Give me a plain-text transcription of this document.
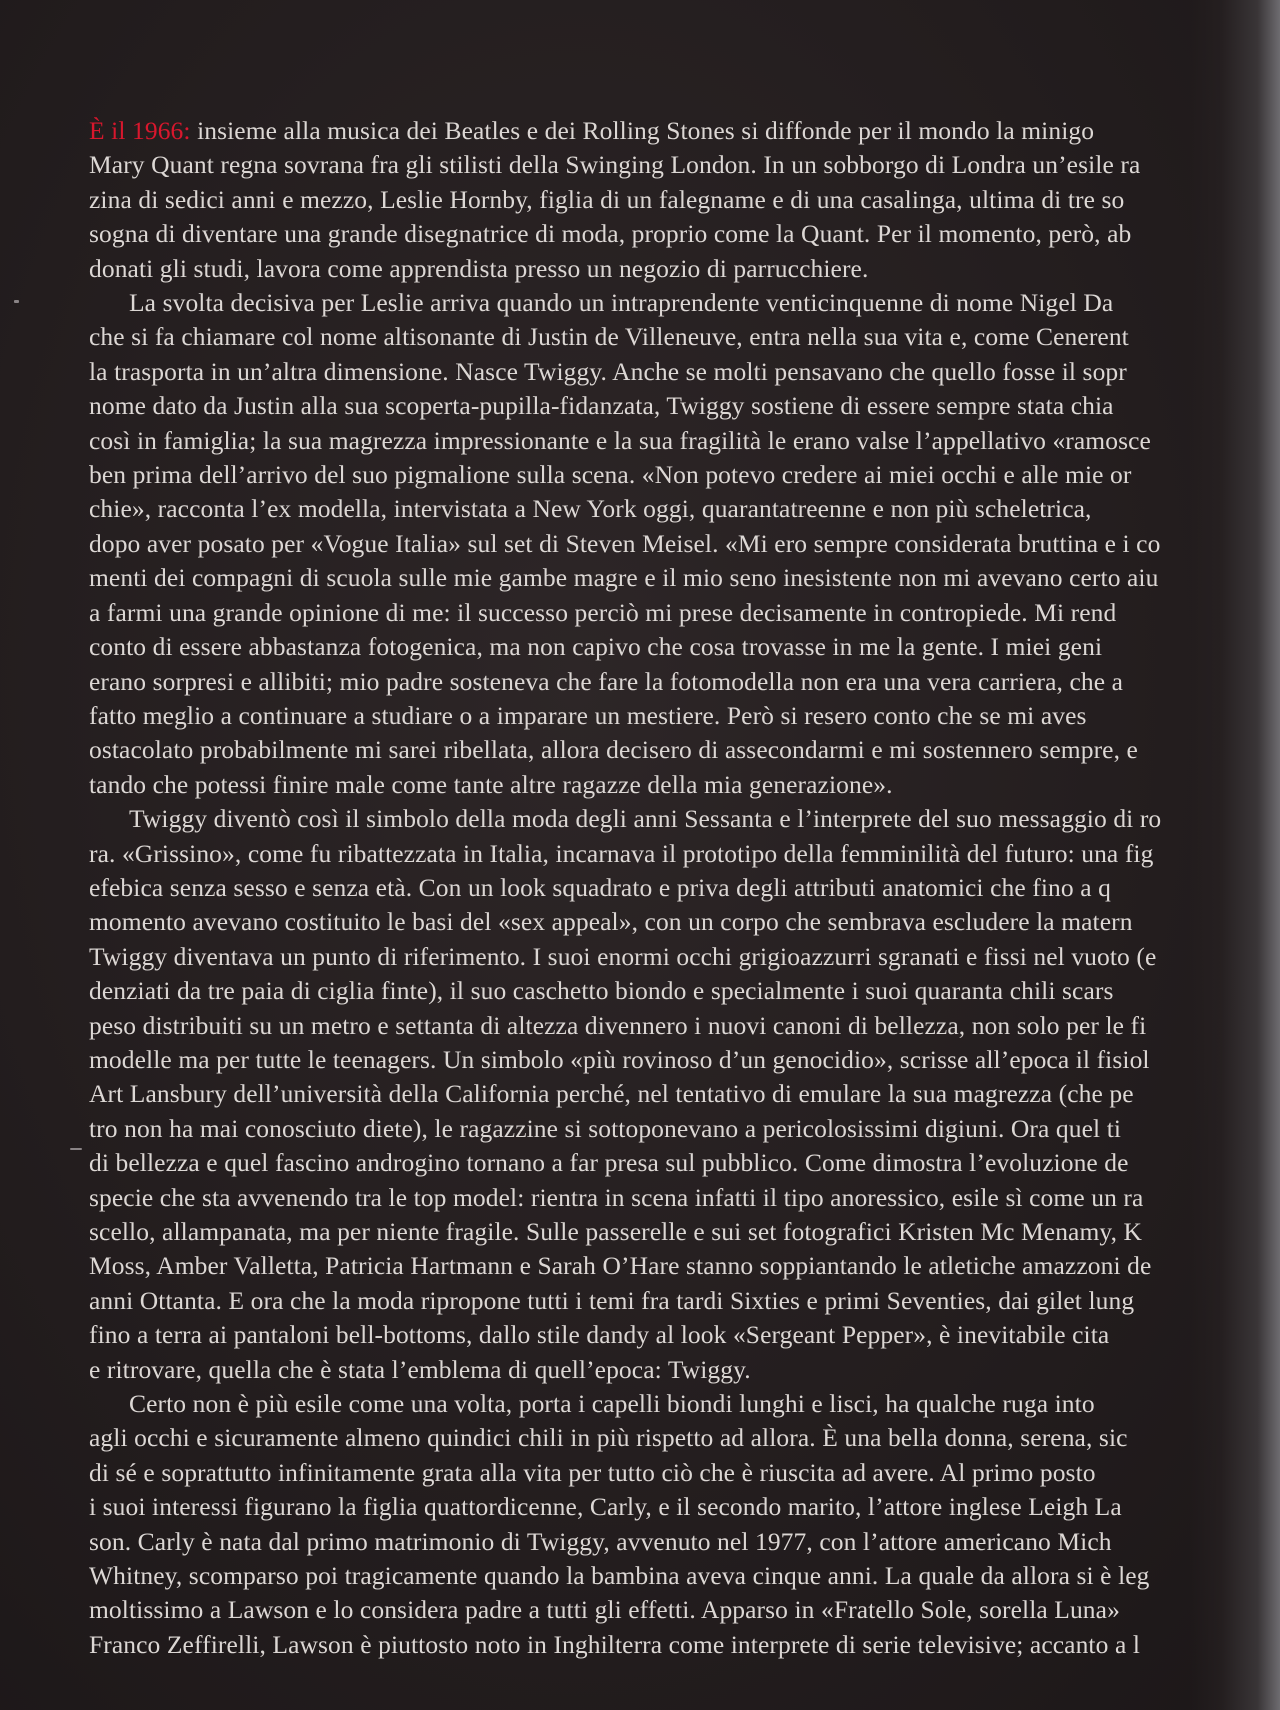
È il 1966: insieme alla musica dei Beatles e dei Rolling Stones si diffonde per il mondo la minigo

Mary Quant regna sovrana fra gli stilisti della Swinging London. In un sobborgo di Londra un’esile ra

zina di sedici anni e mezzo, Leslie Hornby, figlia di un falegname e di una casalinga, ultima di tre so

sogna di diventare una grande disegnatrice di moda, proprio come la Quant. Per il momento, però, ab

donati gli studi, lavora come apprendista presso un negozio di parrucchiere.

La svolta decisiva per Leslie arriva quando un intraprendente venticinquenne di nome Nigel Da

che si fa chiamare col nome altisonante di Justin de Villeneuve, entra nella sua vita e, come Cenerent

la trasporta in un’altra dimensione. Nasce Twiggy. Anche se molti pensavano che quello fosse il sopr

nome dato da Justin alla sua scoperta-pupilla-fidanzata, Twiggy sostiene di essere sempre stata chia

così in famiglia; la sua magrezza impressionante e la sua fragilità le erano valse l’appellativo «ramosce

ben prima dell’arrivo del suo pigmalione sulla scena. «Non potevo credere ai miei occhi e alle mie or

chie», racconta l’ex modella, intervistata a New York oggi, quarantatreenne e non più scheletrica,

dopo aver posato per «Vogue Italia» sul set di Steven Meisel. «Mi ero sempre considerata bruttina e i co

menti dei compagni di scuola sulle mie gambe magre e il mio seno inesistente non mi avevano certo aiu

a farmi una grande opinione di me: il successo perciò mi prese decisamente in contropiede. Mi rend

conto di essere abbastanza fotogenica, ma non capivo che cosa trovasse in me la gente. I miei geni

erano sorpresi e allibiti; mio padre sosteneva che fare la fotomodella non era una vera carriera, che a

fatto meglio a continuare a studiare o a imparare un mestiere. Però si resero conto che se mi aves

ostacolato probabilmente mi sarei ribellata, allora decisero di assecondarmi e mi sostennero sempre, e

tando che potessi finire male come tante altre ragazze della mia generazione».

Twiggy diventò così il simbolo della moda degli anni Sessanta e l’interprete del suo messaggio di ro

ra. «Grissino», come fu ribattezzata in Italia, incarnava il prototipo della femminilità del futuro: una fig

efebica senza sesso e senza età. Con un look squadrato e priva degli attributi anatomici che fino a q

momento avevano costituito le basi del «sex appeal», con un corpo che sembrava escludere la matern

Twiggy diventava un punto di riferimento. I suoi enormi occhi grigioazzurri sgranati e fissi nel vuoto (e

denziati da tre paia di ciglia finte), il suo caschetto biondo e specialmente i suoi quaranta chili scars

peso distribuiti su un metro e settanta di altezza divennero i nuovi canoni di bellezza, non solo per le fi

modelle ma per tutte le teenagers. Un simbolo «più rovinoso d’un genocidio», scrisse all’epoca il fisiol

Art Lansbury dell’università della California perché, nel tentativo di emulare la sua magrezza (che pe

tro non ha mai conosciuto diete), le ragazzine si sottoponevano a pericolosissimi digiuni. Ora quel ti

di bellezza e quel fascino androgino tornano a far presa sul pubblico. Come dimostra l’evoluzione de

specie che sta avvenendo tra le top model: rientra in scena infatti il tipo anoressico, esile sì come un ra

scello, allampanata, ma per niente fragile. Sulle passerelle e sui set fotografici Kristen Mc Menamy, K

Moss, Amber Valletta, Patricia Hartmann e Sarah O’Hare stanno soppiantando le atletiche amazzoni de

anni Ottanta. E ora che la moda ripropone tutti i temi fra tardi Sixties e primi Seventies, dai gilet lung

fino a terra ai pantaloni bell-bottoms, dallo stile dandy al look «Sergeant Pepper», è inevitabile cita

e ritrovare, quella che è stata l’emblema di quell’epoca: Twiggy.

Certo non è più esile come una volta, porta i capelli biondi lunghi e lisci, ha qualche ruga into

agli occhi e sicuramente almeno quindici chili in più rispetto ad allora. È una bella donna, serena, sic

di sé e soprattutto infinitamente grata alla vita per tutto ciò che è riuscita ad avere. Al primo posto

i suoi interessi figurano la figlia quattordicenne, Carly, e il secondo marito, l’attore inglese Leigh La

son. Carly è nata dal primo matrimonio di Twiggy, avvenuto nel 1977, con l’attore americano Mich

Whitney, scomparso poi tragicamente quando la bambina aveva cinque anni. La quale da allora si è leg

moltissimo a Lawson e lo considera padre a tutti gli effetti. Apparso in «Fratello Sole, sorella Luna»

Franco Zeffirelli, Lawson è piuttosto noto in Inghilterra come interprete di serie televisive; accanto a l
